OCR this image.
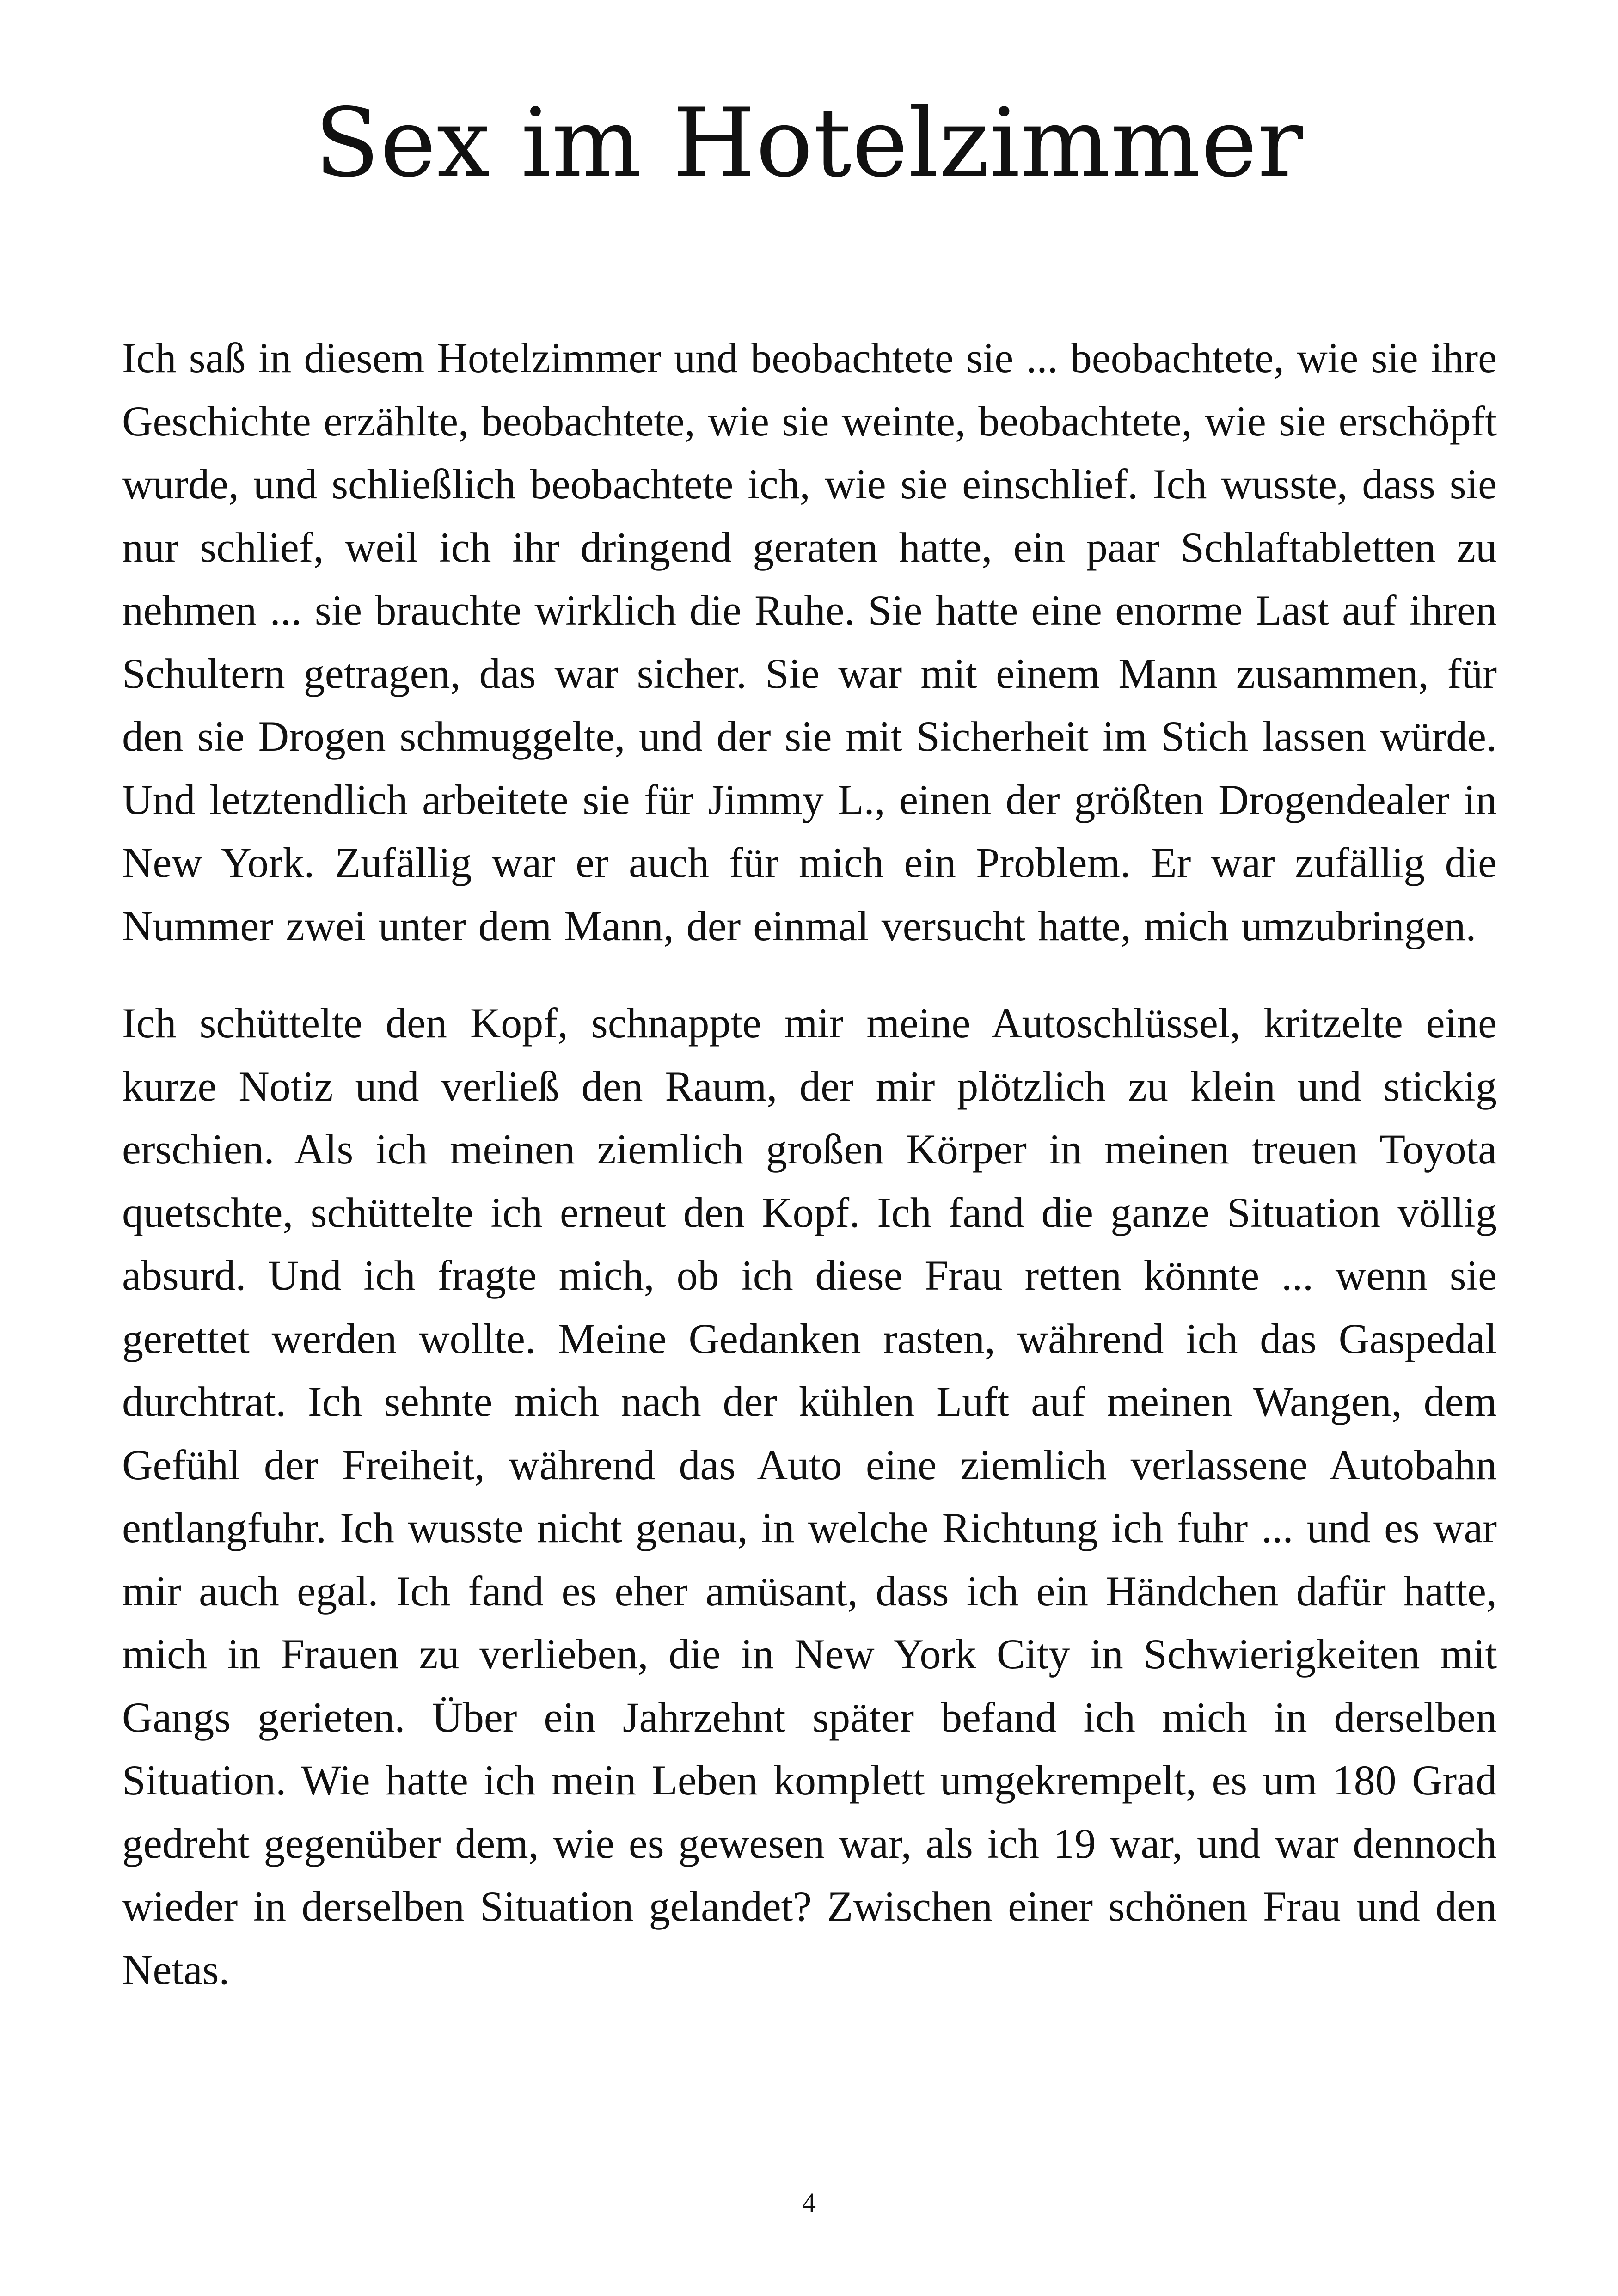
Sex im Hotelzimmer

Ich saß in diesem Hotelzimmer und beobachtete sie ... beobachtete, wie sie ihre Geschichte erzählte, beobachtete, wie sie weinte, beobachtete, wie sie erschöpft wurde, und schließlich beobachtete ich, wie sie einschlief. Ich wusste, dass sie nur schlief, weil ich ihr dringend geraten hatte, ein paar Schlaftabletten zu nehmen ... sie brauchte wirklich die Ruhe. Sie hatte eine enorme Last auf ihren Schultern getragen, das war sicher. Sie war mit einem Mann zusammen, für den sie Drogen schmuggelte, und der sie mit Sicherheit im Stich lassen würde. Und letztendlich arbeitete sie für Jimmy L., einen der größten Drogendealer in New York. Zufällig war er auch für mich ein Problem. Er war zufällig die Nummer zwei unter dem Mann, der einmal versucht hatte, mich umzubringen.

Ich schüttelte den Kopf, schnappte mir meine Autoschlüssel, kritzelte eine kurze Notiz und verließ den Raum, der mir plötzlich zu klein und stickig erschien. Als ich meinen ziemlich großen Körper in meinen treuen Toyota quetschte, schüttelte ich erneut den Kopf. Ich fand die ganze Situation völlig absurd. Und ich fragte mich, ob ich diese Frau retten könnte ... wenn sie gerettet werden wollte. Meine Gedanken rasten, während ich das Gaspedal durchtrat. Ich sehnte mich nach der kühlen Luft auf meinen Wangen, dem Gefühl der Freiheit, während das Auto eine ziemlich verlassene Autobahn entlangfuhr. Ich wusste nicht genau, in welche Richtung ich fuhr ... und es war mir auch egal. Ich fand es eher amüsant, dass ich ein Händchen dafür hatte, mich in Frauen zu verlieben, die in New York City in Schwierigkeiten mit Gangs gerieten. Über ein Jahrzehnt später befand ich mich in derselben Situation. Wie hatte ich mein Leben komplett umgekrempelt, es um 180 Grad gedreht gegenüber dem, wie es gewesen war, als ich 19 war, und war dennoch wieder in derselben Situation gelandet? Zwischen einer schönen Frau und den Netas.

4
